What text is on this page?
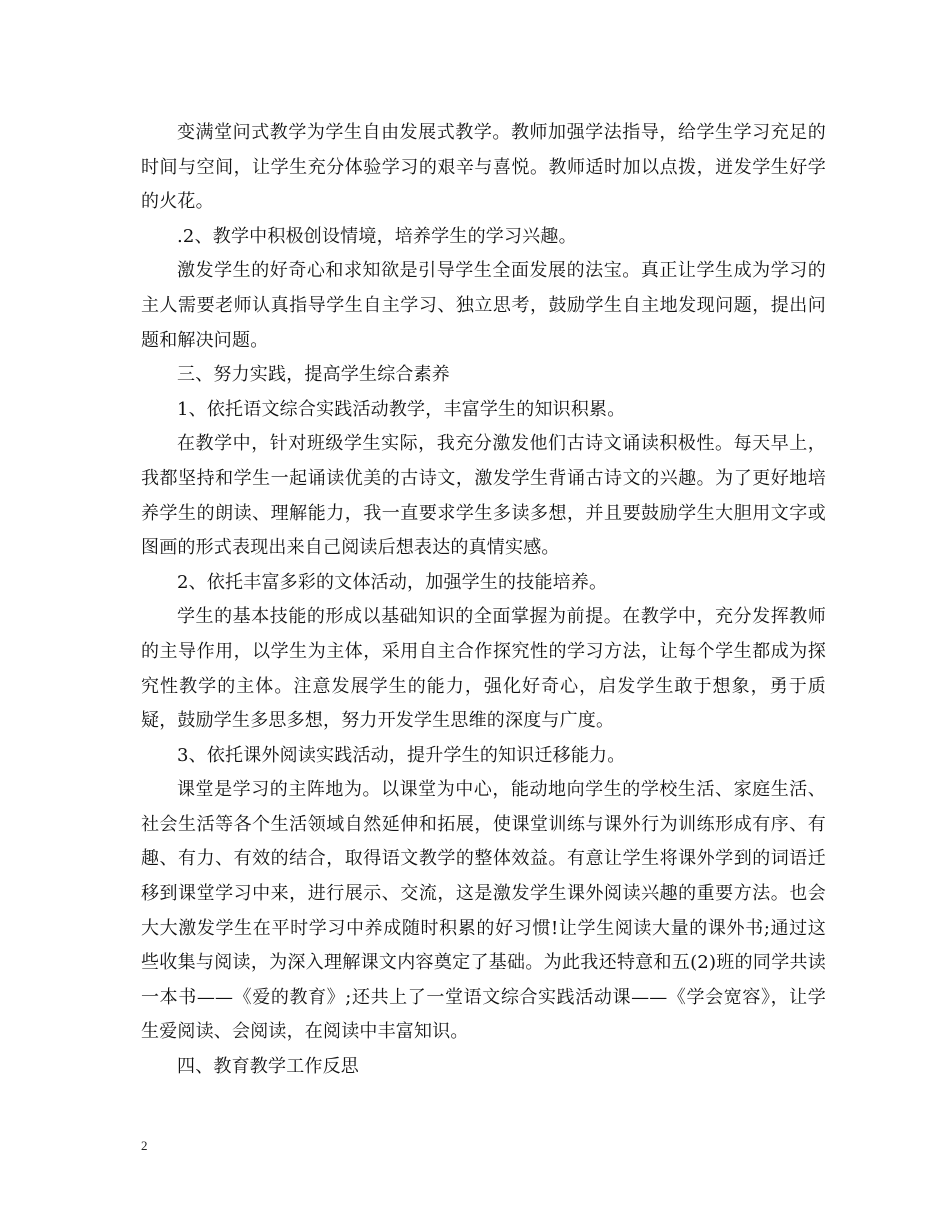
变满堂问式教学为学生自由发展式教学。教师加强学法指导，给学生学习充足的时间与空间，让学生充分体验学习的艰辛与喜悦。教师适时加以点拨，迸发学生好学的火花。

.2、教学中积极创设情境，培养学生的学习兴趣。

激发学生的好奇心和求知欲是引导学生全面发展的法宝。真正让学生成为学习的主人需要老师认真指导学生自主学习、独立思考，鼓励学生自主地发现问题，提出问题和解决问题。

三、努力实践，提高学生综合素养

1、依托语文综合实践活动教学，丰富学生的知识积累。

在教学中，针对班级学生实际，我充分激发他们古诗文诵读积极性。每天早上，我都坚持和学生一起诵读优美的古诗文，激发学生背诵古诗文的兴趣。为了更好地培养学生的朗读、理解能力，我一直要求学生多读多想，并且要鼓励学生大胆用文字或图画的形式表现出来自己阅读后想表达的真情实感。

2、依托丰富多彩的文体活动，加强学生的技能培养。

学生的基本技能的形成以基础知识的全面掌握为前提。在教学中，充分发挥教师的主导作用，以学生为主体，采用自主合作探究性的学习方法，让每个学生都成为探究性教学的主体。注意发展学生的能力，强化好奇心，启发学生敢于想象，勇于质疑，鼓励学生多思多想，努力开发学生思维的深度与广度。

3、依托课外阅读实践活动，提升学生的知识迁移能力。

课堂是学习的主阵地为。以课堂为中心，能动地向学生的学校生活、家庭生活、社会生活等各个生活领域自然延伸和拓展，使课堂训练与课外行为训练形成有序、有趣、有力、有效的结合，取得语文教学的整体效益。有意让学生将课外学到的词语迁移到课堂学习中来，进行展示、交流，这是激发学生课外阅读兴趣的重要方法。也会大大激发学生在平时学习中养成随时积累的好习惯!让学生阅读大量的课外书;通过这些收集与阅读，为深入理解课文内容奠定了基础。为此我还特意和五(2)班的同学共读一本书——《爱的教育》;还共上了一堂语文综合实践活动课——《学会宽容》，让学生爱阅读、会阅读，在阅读中丰富知识。

四、教育教学工作反思

2
